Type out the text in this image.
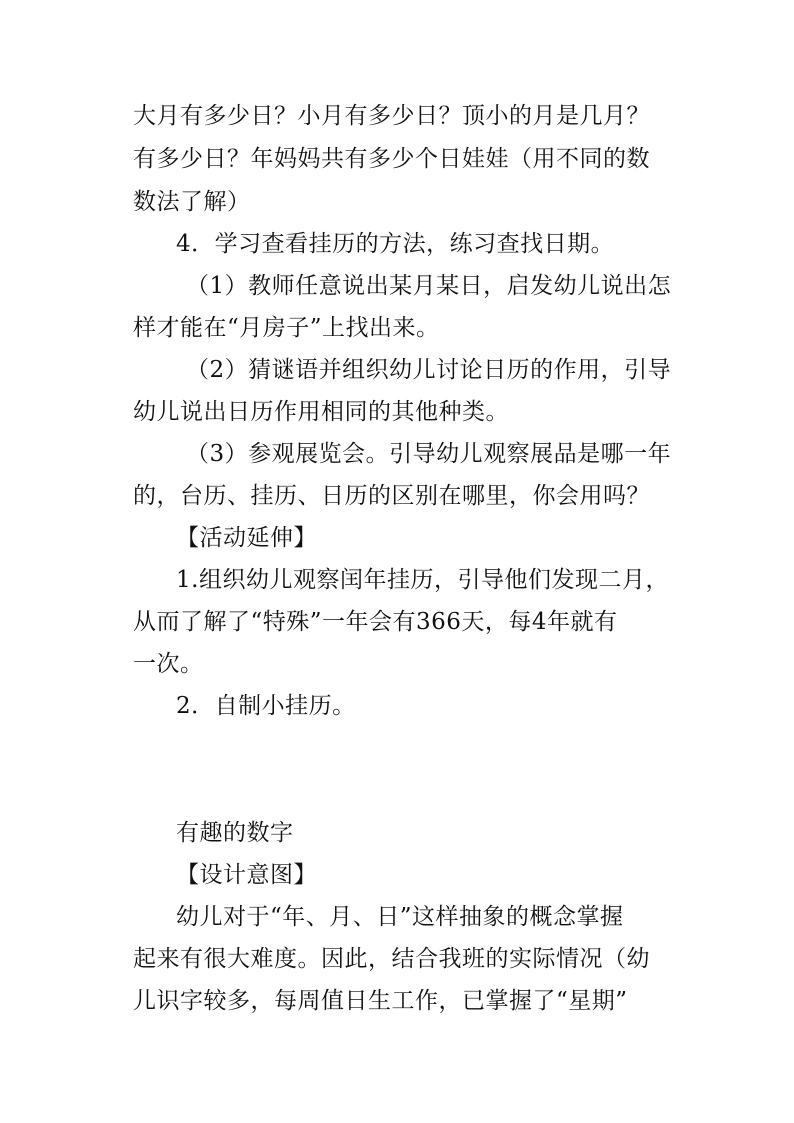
大月有多少日？小月有多少日？顶小的月是几月？
有多少日？年妈妈共有多少个日娃娃（用不同的数
数法了解）
4．学习查看挂历的方法，练习查找日期。
（1）教师任意说出某月某日，启发幼儿说出怎
样才能在“月房子”上找出来。
（2）猜谜语并组织幼儿讨论日历的作用，引导
幼儿说出日历作用相同的其他种类。
（3）参观展览会。引导幼儿观察展品是哪一年
的，台历、挂历、日历的区别在哪里，你会用吗？
【活动延伸】
1.组织幼儿观察闰年挂历，引导他们发现二月，
从而了解了“特殊”一年会有366天，每4年就有
一次。
2．自制小挂历。
有趣的数字
【设计意图】
幼儿对于“年、月、日”这样抽象的概念掌握
起来有很大难度。因此，结合我班的实际情况（幼
儿识字较多，每周值日生工作，已掌握了“星期”
